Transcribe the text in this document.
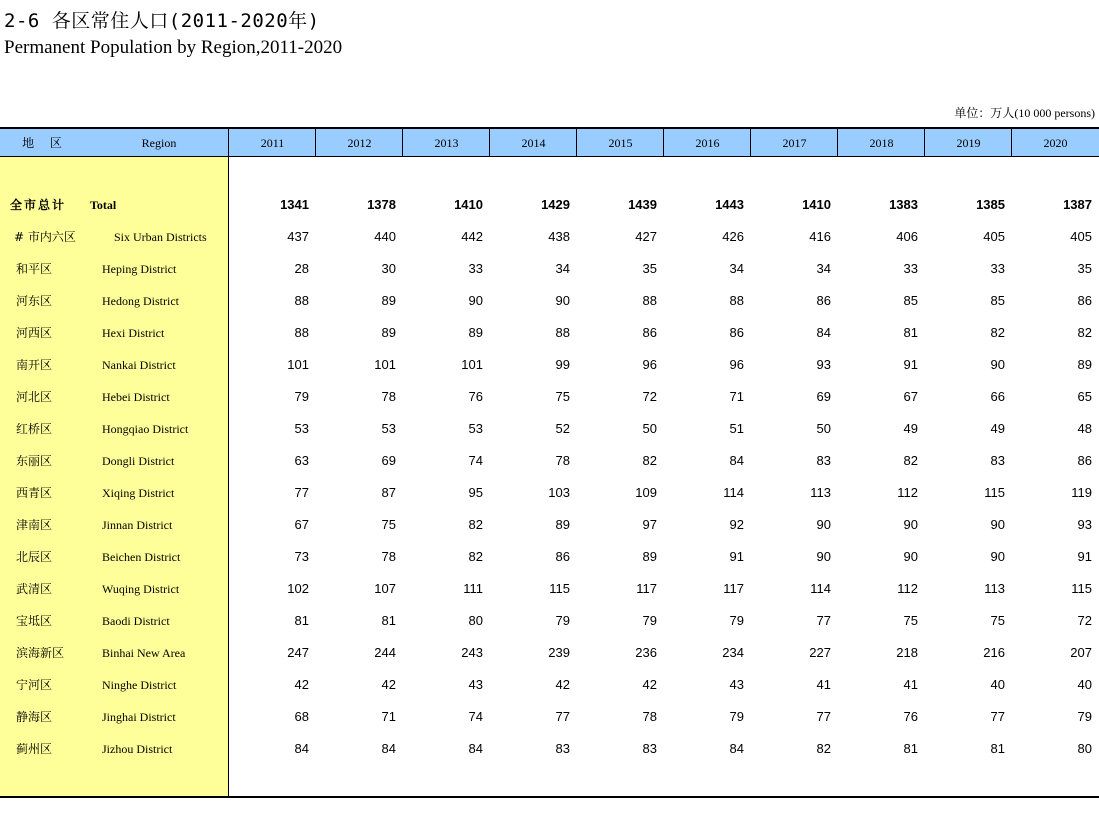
2-6 各区常住人口(2011-2020年)
Permanent Population by Region,2011-2020
单位：万人(10 000 persons)
地 区	Region	2011	2012	2013	2014	2015	2016	2017	2018	2019	2020
全市总计 Total	1341	1378	1410	1429	1439	1443	1410	1383	1385	1387
# 市内六区	Six Urban Districts	437	440	442	438	427	426	416	406	405	405
和平区	Heping District	28	30	33	34	35	34	34	33	33	35
河东区	Hedong District	88	89	90	90	88	88	86	85	85	86
河西区	Hexi District	88	89	89	88	86	86	84	81	82	82
南开区	Nankai District	101	101	101	99	96	96	93	91	90	89
河北区	Hebei District	79	78	76	75	72	71	69	67	66	65
红桥区	Hongqiao District	53	53	53	52	50	51	50	49	49	48
东丽区	Dongli District	63	69	74	78	82	84	83	82	83	86
西青区	Xiqing District	77	87	95	103	109	114	113	112	115	119
津南区	Jinnan District	67	75	82	89	97	92	90	90	90	93
北辰区	Beichen District	73	78	82	86	89	91	90	90	90	91
武清区	Wuqing District	102	107	111	115	117	117	114	112	113	115
宝坻区	Baodi District	81	81	80	79	79	79	77	75	75	72
滨海新区	Binhai New Area	247	244	243	239	236	234	227	218	216	207
宁河区	Ninghe District	42	42	43	42	42	43	41	41	40	40
静海区	Jinghai District	68	71	74	77	78	79	77	76	77	79
蓟州区	Jizhou District	84	84	84	83	83	84	82	81	81	80
